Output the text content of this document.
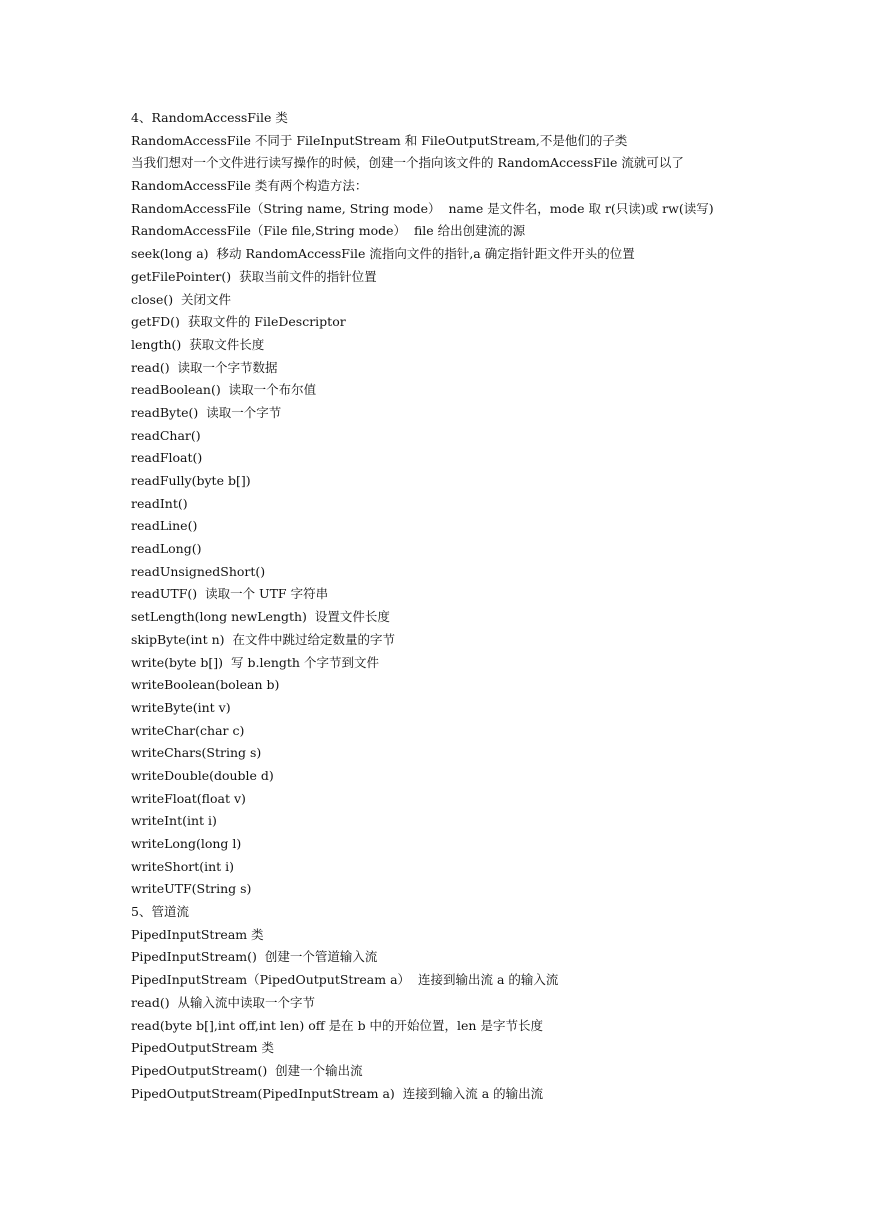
4、RandomAccessFile 类
RandomAccessFile 不同于 FileInputStream 和 FileOutputStream,不是他们的子类
当我们想对一个文件进行读写操作的时候，创建一个指向该文件的 RandomAccessFile 流就可以了
RandomAccessFile 类有两个构造方法：
RandomAccessFile（String name, String mode）  name 是文件名，mode 取 r(只读)或 rw(读写)
RandomAccessFile（File file,String mode）  file 给出创建流的源
seek(long a)  移动 RandomAccessFile 流指向文件的指针,a 确定指针距文件开头的位置
getFilePointer()  获取当前文件的指针位置
close()  关闭文件
getFD()  获取文件的 FileDescriptor
length()  获取文件长度
read()  读取一个字节数据
readBoolean()  读取一个布尔值
readByte()  读取一个字节
readChar()
readFloat()
readFully(byte b[])
readInt()
readLine()
readLong()
readUnsignedShort()
readUTF()  读取一个 UTF 字符串
setLength(long newLength)  设置文件长度
skipByte(int n)  在文件中跳过给定数量的字节
write(byte b[])  写 b.length 个字节到文件
writeBoolean(bolean b)
writeByte(int v)
writeChar(char c)
writeChars(String s)
writeDouble(double d)
writeFloat(float v)
writeInt(int i)
writeLong(long l)
writeShort(int i)
writeUTF(String s)
5、管道流
PipedInputStream 类
PipedInputStream()  创建一个管道输入流
PipedInputStream（PipedOutputStream a）  连接到输出流 a 的输入流
read()  从输入流中读取一个字节
read(byte b[],int off,int len) off 是在 b 中的开始位置，len 是字节长度
PipedOutputStream 类
PipedOutputStream()  创建一个输出流
PipedOutputStream(PipedInputStream a)  连接到输入流 a 的输出流
